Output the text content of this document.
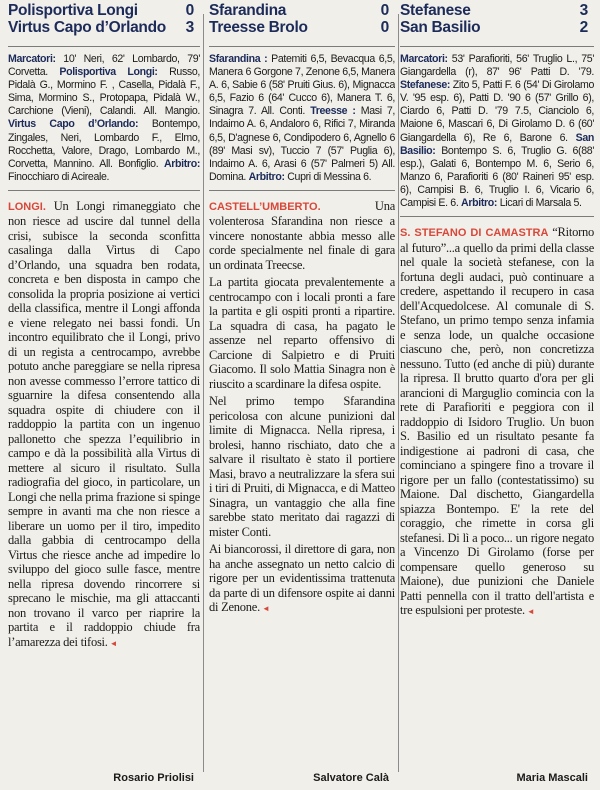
Polisportiva Longi	0
Virtus Capo d’Orlando 3
Marcatori: 10' Neri, 62' Lombardo, 79' Corvetta. Polisportiva Longi: Russo, Pidalà G., Mormino F. , Casella, Pidalà F., Sima, Mormino S., Protopapa, Pidalà W., Carchione (Vieni), Calandi. All. Mangio. Virtus Capo d’Orlando: Bontempo, Zingales, Neri, Lombardo F., Elmo, Rocchetta, Valore, Drago, Lombardo M., Corvetta, Mannino. All. Bonfiglio. Arbitro: Finocchiaro di Acireale.

LONGI. Un Longi rimaneggiato che non riesce ad uscire dal tunnel della crisi, subisce la seconda sconfitta casalinga dalla Virtus di Capo d’Orlando, una squadra ben rodata, concreta e ben disposta in campo che consolida la propria posizione ai vertici della classifica, mentre il Longi affonda e viene relegato nei bassi fondi. Un incontro equilibrato che il Longi, privo di un regista a centrocampo, avrebbe potuto anche pareggiare se nella ripresa non avesse commesso l’errore tattico di sguarnire la difesa consentendo alla squadra ospite di chiudere con il raddoppio la partita con un ingenuo pallonetto che spezza l’equilibrio in campo e dà la possibilità alla Virtus di mettere al sicuro il risultato. Sulla radiografia del gioco, in particolare, un Longi che nella prima frazione si spinge sempre in avanti ma che non riesce a liberare un uomo per il tiro, impedito dalla gabbia di centrocampo della Virtus che riesce anche ad impedire lo sviluppo del gioco sulle fasce, mentre nella ripresa dovendo rincorrere si sprecano le mischie, ma gli attaccanti non trovano il varco per riaprire la partita e il raddoppio chiude fra l’amarezza dei tifosi. ◄

Rosario Priolisi
Sfarandina	0
Treesse Brolo	0
Sfarandina : Patemiti 6,5, Bevacqua 6,5, Manera 6 Gorgone 7, Zenone 6,5, Manera A. 6, Sabie 6 (58' Pruiti Gius. 6), Mignacca 6,5, Fazio 6 (64' Cucco 6), Manera T. 6, Sinagra 7. All. Conti. Treesse : Masi 7, Indaimo A. 6, Andaloro 6, Rifici 7, Miranda 6,5, D'agnese 6, Condipodero 6, Agnello 6 (89' Masi sv), Tuccio 7 (57' Puglia 6), Indaimo A. 6, Arasi 6 (57' Palmeri 5) All. Domina. Arbitro: Cupri di Messina 6.

CASTELL’UMBERTO.	Una volenterosa Sfarandina non riesce a vincere nonostante abbia messo alle corde specialmente nel finale di gara un ordinata Treecse.

La partita giocata prevalentemente a centrocampo con i locali pronti a fare la partita e gli ospiti pronti a ripartire. La squadra di casa, ha pagato le assenze nel reparto offensivo di Carcione di Salpietro e di Pruiti Giacomo. Il solo Mattia Sinagra non è riuscito a scardinare la difesa ospite.

Nel primo tempo Sfarandina pericolosa con alcune punizioni dal limite di Mignacca. Nella ripresa, i brolesi, hanno rischiato, dato che a salvare il risultato è stato il portiere Masi, bravo a neutralizzare la sfera sui i tiri di Pruiti, di Mignacca, e di Matteo Sinagra, un vantaggio che alla fine sarebbe stato meritato dai ragazzi di mister Conti.

Ai biancorossi, il direttore di gara, non ha anche assegnato un netto calcio di rigore per un evidentissima trattenuta da parte di un difensore ospite ai danni di Zenone. ◄

Salvatore Calà
Stefanese	3
San Basilio	2
Marcatori: 53' Parafioriti, 56' Truglio L., 75' Giangardella (r), 87' 96' Patti D. '79. Stefanese: Zito 5, Patti F. 6 (54' Di Girolamo V. '95 esp. 6), Patti D. '90 6 (57' Grillo 6), Ciardo 6, Patti D. '79 7.5, Cianciolo 6, Maione 6, Mascari 6, Di Girolamo D. 6 (60' Giangardella 6), Re 6, Barone 6. San Basilio: Bontempo S. 6, Truglio G. 6(88' esp.), Galati 6, Bontempo M. 6, Serio 6, Manzo 6, Parafioriti 6 (80' Raineri 95' esp. 6), Campisi B. 6, Truglio I. 6, Vicario 6, Campisi E. 6. Arbitro: Licari di Marsala 5.

S. STEFANO DI CAMASTRA “Ritorno al futuro”...a quello da primi della classe nel quale la società stefanese, con la fortuna degli audaci, può continuare a credere, aspettando il recupero in casa dell'Acquedolcese. Al comunale di S. Stefano, un primo tempo senza infamia e senza lode, un qualche occasione ciascuno che, però, non concretizza nessuno. Tutto (ed anche di più) durante la ripresa. Il brutto quarto d'ora per gli arancioni di Marguglio comincia con la rete di Parafioriti e peggiora con il raddoppio di Isidoro Truglio. Un buon S. Basilio ed un risultato pesante fa indigestione ai padroni di casa, che cominciano a spingere fino a trovare il rigore per un fallo (contestatissimo) su Maione. Dal dischetto, Giangardella spiazza Bontempo. E' la rete del coraggio, che rimette in corsa gli stefanesi. Di lì a poco... un rigore negato a Vincenzo Di Girolamo (forse per compensare quello generoso su Maione), due punizioni che Daniele Patti pennella con il tratto dell'artista e tre espulsioni per proteste. ◄

Maria Mascali
